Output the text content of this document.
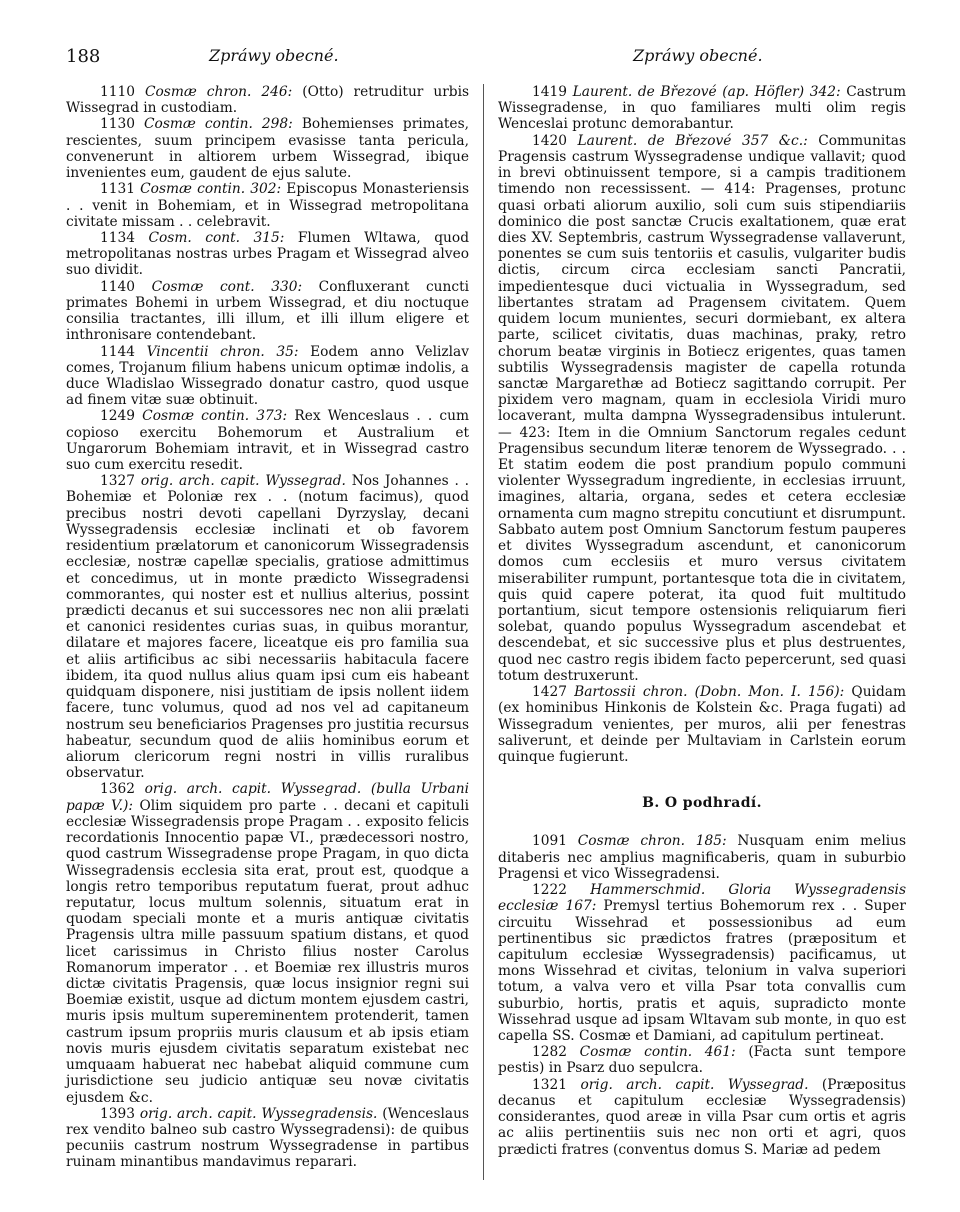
188	Zpráwy obecné.	Zpráwy obecné.

1110 Cosmæ chron. 246: (Otto) retruditur urbis Wissegrad in custodiam.

1130 Cosmæ contin. 298: Bohemienses primates, rescientes, suum principem evasisse tanta pericula, convenerunt in altiorem urbem Wissegrad, ibique invenientes eum, gaudent de ejus salute.

1131 Cosmæ contin. 302: Episcopus Monasteriensis . . venit in Bohemiam, et in Wissegrad metropolitana civitate missam . . celebravit.

1134 Cosm. cont. 315: Flumen Wltawa, quod metropolitanas nostras urbes Pragam et Wissegrad alveo suo dividit.

1140 Cosmæ cont. 330: Confluxerant cuncti primates Bohemi in urbem Wissegrad, et diu noctuque consilia tractantes, illi illum, et illi illum eligere et inthronisare contendebant.

1144 Vincentii chron. 35: Eodem anno Velizlav comes, Trojanum filium habens unicum optimæ indolis, a duce Wladislao Wissegrado donatur castro, quod usque ad finem vitæ suæ obtinuit.

1249 Cosmæ contin. 373: Rex Wenceslaus . . cum copioso exercitu Bohemorum et Australium et Ungarorum Bohemiam intravit, et in Wissegrad castro suo cum exercitu resedit.

1327 orig. arch. capit. Wyssegrad. Nos Johannes . . Bohemiæ et Poloniæ rex . . (notum facimus), quod precibus nostri devoti capellani Dyrzyslay, decani Wyssegradensis ecclesiæ inclinati et ob favorem residentium prælatorum et canonicorum Wissegradensis ecclesiæ, nostræ capellæ specialis, gratiose admittimus et concedimus, ut in monte prædicto Wissegradensi commorantes, qui noster est et nullius alterius, possint prædicti decanus et sui successores nec non alii prælati et canonici residentes curias suas, in quibus morantur, dilatare et majores facere, liceatque eis pro familia sua et aliis artificibus ac sibi necessariis habitacula facere ibidem, ita quod nullus alius quam ipsi cum eis habeant quidquam disponere, nisi justitiam de ipsis nollent iidem facere, tunc volumus, quod ad nos vel ad capitaneum nostrum seu beneficiarios Pragenses pro justitia recursus habeatur, secundum quod de aliis hominibus eorum et aliorum clericorum regni nostri in villis ruralibus observatur.

1362 orig. arch. capit. Wyssegrad. (bulla Urbani papæ V.): Olim siquidem pro parte . . decani et capituli ecclesiæ Wissegradensis prope Pragam . . exposito felicis recordationis Innocentio papæ VI., prædecessori nostro, quod castrum Wissegradense prope Pragam, in quo dicta Wissegradensis ecclesia sita erat, prout est, quodque a longis retro temporibus reputatum fuerat, prout adhuc reputatur, locus multum solennis, situatum erat in quodam speciali monte et a muris antiquæ civitatis Pragensis ultra mille passuum spatium distans, et quod licet carissimus in Christo filius noster Carolus Romanorum imperator . . et Boemiæ rex illustris muros dictæ civitatis Pragensis, quæ locus insignior regni sui Boemiæ existit, usque ad dictum montem ejusdem castri, muris ipsis multum supereminentem protenderit, tamen castrum ipsum propriis muris clausum et ab ipsis etiam novis muris ejusdem civitatis separatum existebat nec umquaam habuerat nec habebat aliquid commune cum jurisdictione seu judicio antiquæ seu novæ civitatis ejusdem &c.

1393 orig. arch. capit. Wyssegradensis. (Wenceslaus rex vendito balneo sub castro Wyssegradensi): de quibus pecuniis castrum nostrum Wyssegradense in partibus ruinam minantibus mandavimus reparari.

1419 Laurent. de Březové (ap. Höfler) 342: Castrum Wissegradense, in quo familiares multi olim regis Wenceslai protunc demorabantur.

1420 Laurent. de Březové 357 &c.: Communitas Pragensis castrum Wyssegradense undique vallavit; quod in brevi obtinuissent tempore, si a campis traditionem timendo non recessissent. — 414: Pragenses, protunc quasi orbati aliorum auxilio, soli cum suis stipendiariis dominico die post sanctæ Crucis exaltationem, quæ erat dies XV. Septembris, castrum Wyssegradense vallaverunt, ponentes se cum suis tentoriis et casulis, vulgariter budis dictis, circum circa ecclesiam sancti Pancratii, impedientesque duci victualia in Wyssegradum, sed libertantes stratam ad Pragensem civitatem. Quem quidem locum munientes, securi dormiebant, ex altera parte, scilicet civitatis, duas machinas, praky, retro chorum beatæ virginis in Botiecz erigentes, quas tamen subtilis Wyssegradensis magister de capella rotunda sanctæ Margarethæ ad Botiecz sagittando corrupit. Per pixidem vero magnam, quam in ecclesiola Viridi muro locaverant, multa dampna Wyssegradensibus intulerunt. — 423: Item in die Omnium Sanctorum regales cedunt Pragensibus secundum literæ tenorem de Wyssegrado. . . Et statim eodem die post prandium populo communi violenter Wyssegradum ingrediente, in ecclesias irruunt, imagines, altaria, organa, sedes et cetera ecclesiæ ornamenta cum magno strepitu concutiunt et disrumpunt. Sabbato autem post Omnium Sanctorum festum pauperes et divites Wyssegradum ascendunt, et canonicorum domos cum ecclesiis et muro versus civitatem miserabiliter rumpunt, portantesque tota die in civitatem, quis quid capere poterat, ita quod fuit multitudo portantium, sicut tempore ostensionis reliquiarum fieri solebat, quando populus Wyssegradum ascendebat et descendebat, et sic successive plus et plus destruentes, quod nec castro regis ibidem facto pepercerunt, sed quasi totum destruxerunt.

1427 Bartossii chron. (Dobn. Mon. I. 156): Quidam (ex hominibus Hinkonis de Kolstein &c. Praga fugati) ad Wissegradum venientes, per muros, alii per fenestras saliverunt, et deinde per Multaviam in Carlstein eorum quinque fugierunt.

B. O podhradí.

1091 Cosmæ chron. 185: Nusquam enim melius ditaberis nec amplius magnificaberis, quam in suburbio Pragensi et vico Wissegradensi.

1222 Hammerschmid. Gloria Wyssegradensis ecclesiæ 167: Premysl tertius Bohemorum rex . . Super circuitu Wissehrad et possessionibus ad eum pertinentibus sic prædictos fratres (præpositum et capitulum ecclesiæ Wyssegradensis) pacificamus, ut mons Wissehrad et civitas, telonium in valva superiori totum, a valva vero et villa Psar tota convallis cum suburbio, hortis, pratis et aquis, supradicto monte Wissehrad usque ad ipsam Wltavam sub monte, in quo est capella SS. Cosmæ et Damiani, ad capitulum pertineat.

1282 Cosmæ contin. 461: (Facta sunt tempore pestis) in Psarz duo sepulcra.

1321 orig. arch. capit. Wyssegrad. (Præpositus decanus et capitulum ecclesiæ Wyssegradensis) considerantes, quod areæ in villa Psar cum ortis et agris ac aliis pertinentiis suis nec non orti et agri, quos prædicti fratres (conventus domus S. Mariæ ad pedem
